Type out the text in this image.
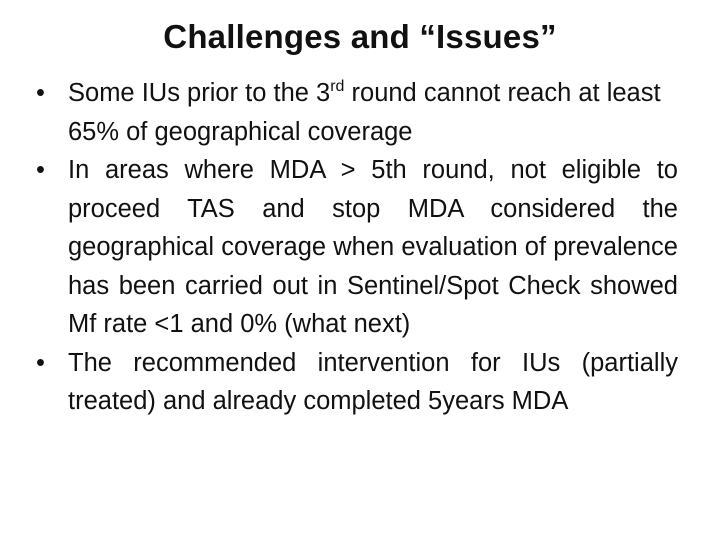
Challenges and “Issues”
• Some IUs prior to the 3rd round cannot reach at least 65% of geographical coverage
• In areas where MDA > 5th round, not eligible to proceed TAS and stop MDA considered the geographical coverage when evaluation of prevalence has been carried out in Sentinel/Spot Check showed Mf rate <1 and 0% (what next)
• The recommended intervention for IUs (partially treated) and already completed 5years MDA
